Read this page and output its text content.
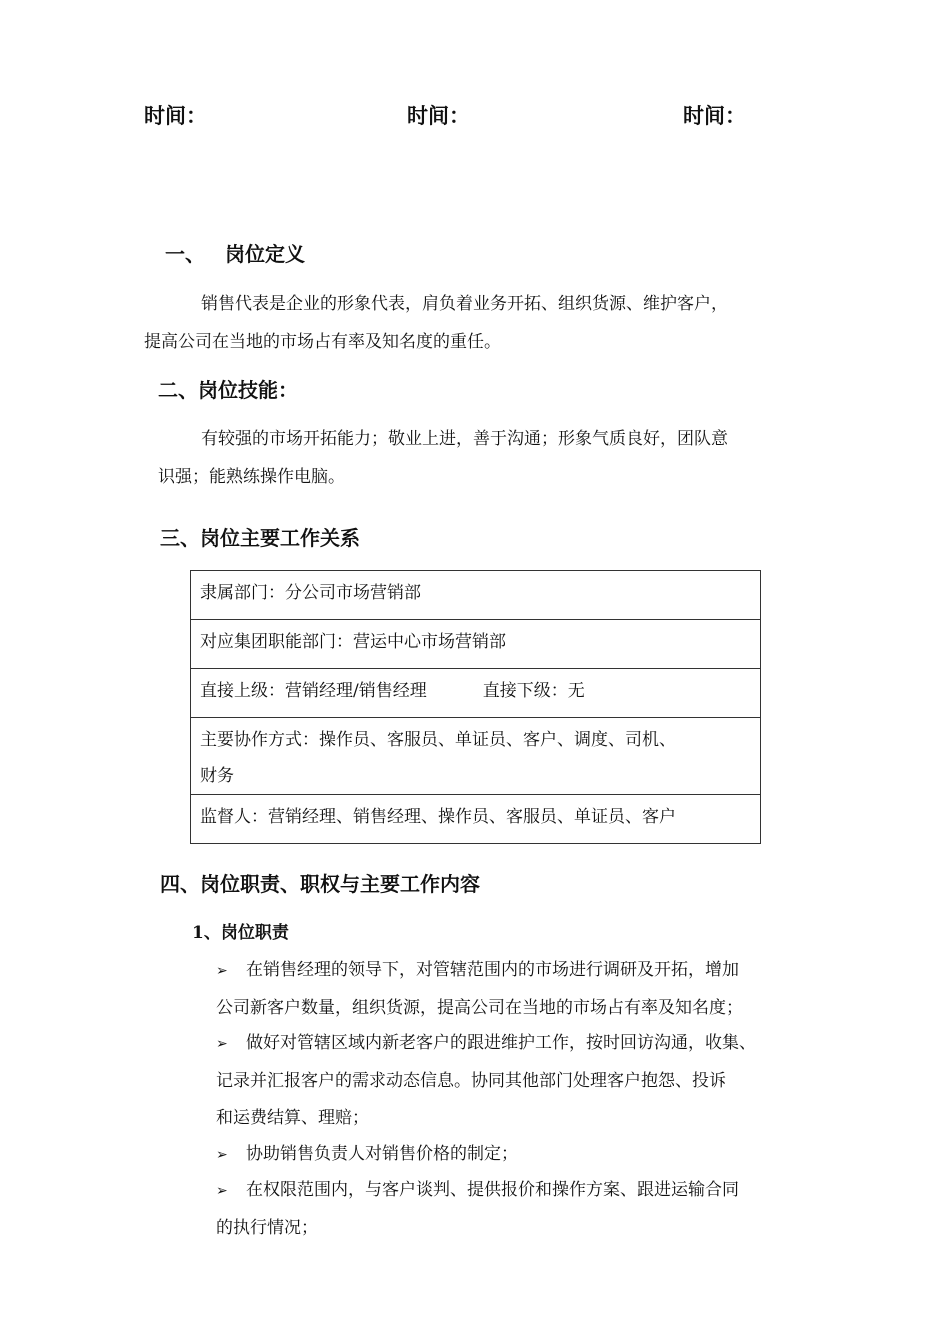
时间：	时间：	时间：
一、 岗位定义
销售代表是企业的形象代表，肩负着业务开拓、组织货源、维护客户，
提高公司在当地的市场占有率及知名度的重任。
二、岗位技能：
有较强的市场开拓能力；敬业上进，善于沟通；形象气质良好，团队意
识强；能熟练操作电脑。
三、岗位主要工作关系
隶属部门：分公司市场营销部
对应集团职能部门：营运中心市场营销部
直接上级：营销经理/销售经理	直接下级：无

主要协作方式：操作员、客服员、单证员、客户、调度、司机、
财务

监督人：营销经理、销售经理、操作员、客服员、单证员、客户
四、岗位职责、职权与主要工作内容
1、岗位职责
➢ 在销售经理的领导下，对管辖范围内的市场进行调研及开拓，增加
公司新客户数量，组织货源，提高公司在当地的市场占有率及知名度；
➢ 做好对管辖区域内新老客户的跟进维护工作，按时回访沟通，收集、
记录并汇报客户的需求动态信息。协同其他部门处理客户抱怨、投诉
和运费结算、理赔；
➢ 协助销售负责人对销售价格的制定；
➢ 在权限范围内，与客户谈判、提供报价和操作方案、跟进运输合同
的执行情况；
